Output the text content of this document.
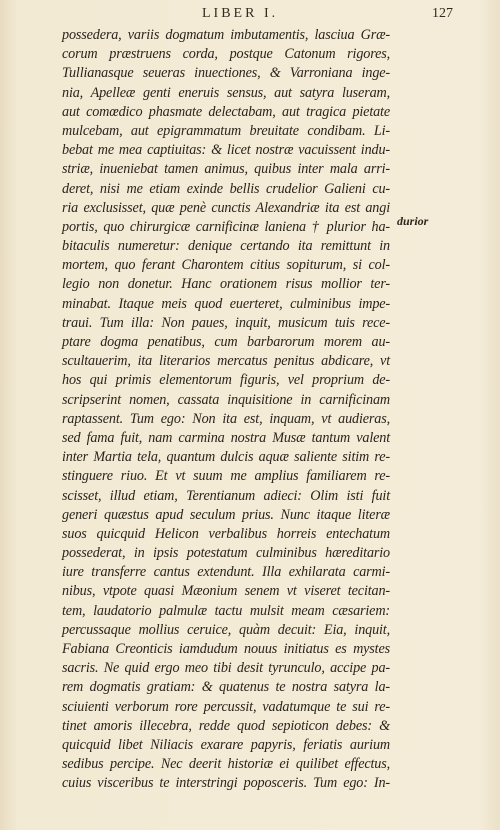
LIBER I.	127
possedera, variis dogmatum imbutamentis, lasciua Græ-
corum præstruens corda, postque Catonum rigores,
Tullianasque seueras inuectiones, & Varroniana inge-
nia, Apelleæ genti eneruis sensus, aut satyra luseram,
aut comœdico phasmate delectabam, aut tragica pietate
mulcebam, aut epigrammatum breuitate condibam. Li-
bebat me mea captiuitas: & licet nostræ vacuissent indu-
striæ, inueniebat tamen animus, quibus inter mala arri-
deret, nisi me etiam exinde bellis crudelior Galieni cu-
ria exclusisset, quæ penè cunctis Alexandriæ ita est angi
portis, quo chirurgicæ carnificinæ laniena † plurior ha-
bitaculis numeretur: denique certando ita remittunt in
mortem, quo ferant Charontem citius sopiturum, si col-
legio non donetur. Hanc orationem risus mollior ter-
minabat. Itaque meis quod euerteret, culminibus impe-
traui. Tum illa: Non paues, inquit, musicum tuis rece-
ptare dogma penatibus, cum barbarorum morem au-
scultauerim, ita literarios mercatus penitus abdicare, vt
hos qui primis elementorum figuris, vel proprium de-
scripserint nomen, cassata inquisitione in carnificinam
raptassent. Tum ego: Non ita est, inquam, vt audieras,
sed fama fuit, nam carmina nostra Musæ tantum valent
inter Martia tela, quantum dulcis aquæ saliente sitim re-
stinguere riuo. Et vt suum me amplius familiarem re-
scisset, illud etiam, Terentianum adieci: Olim isti fuit
generi quæstus apud seculum prius. Nunc itaque literæ
suos quicquid Helicon verbalibus horreis entechatum
possederat, in ipsis potestatum culminibus hæreditario
iure transferre cantus extendunt. Illa exhilarata carmi-
nibus, vtpote quasi Mæonium senem vt viseret tecitan-
tem, laudatorio palmulæ tactu mulsit meam cæsariem:
percussaque mollius ceruice, quàm decuit: Eia, inquit,
Fabiana Creonticis iamdudum nouus initiatus es mystes
sacris. Ne quid ergo meo tibi desit tyrunculo, accipe pa-
rem dogmatis gratiam: & quatenus te nostra satyra la-
sciuienti verborum rore percussit, vadatumque te sui re-
tinet amoris illecebra, redde quod sepioticon debes: &
quicquid libet Niliacis exarare papyris, feriatis aurium
sedibus percipe. Nec deerit historiæ ei quilibet effectus,
cuius visceribus te interstringi poposceris. Tum ego: In-
durior
